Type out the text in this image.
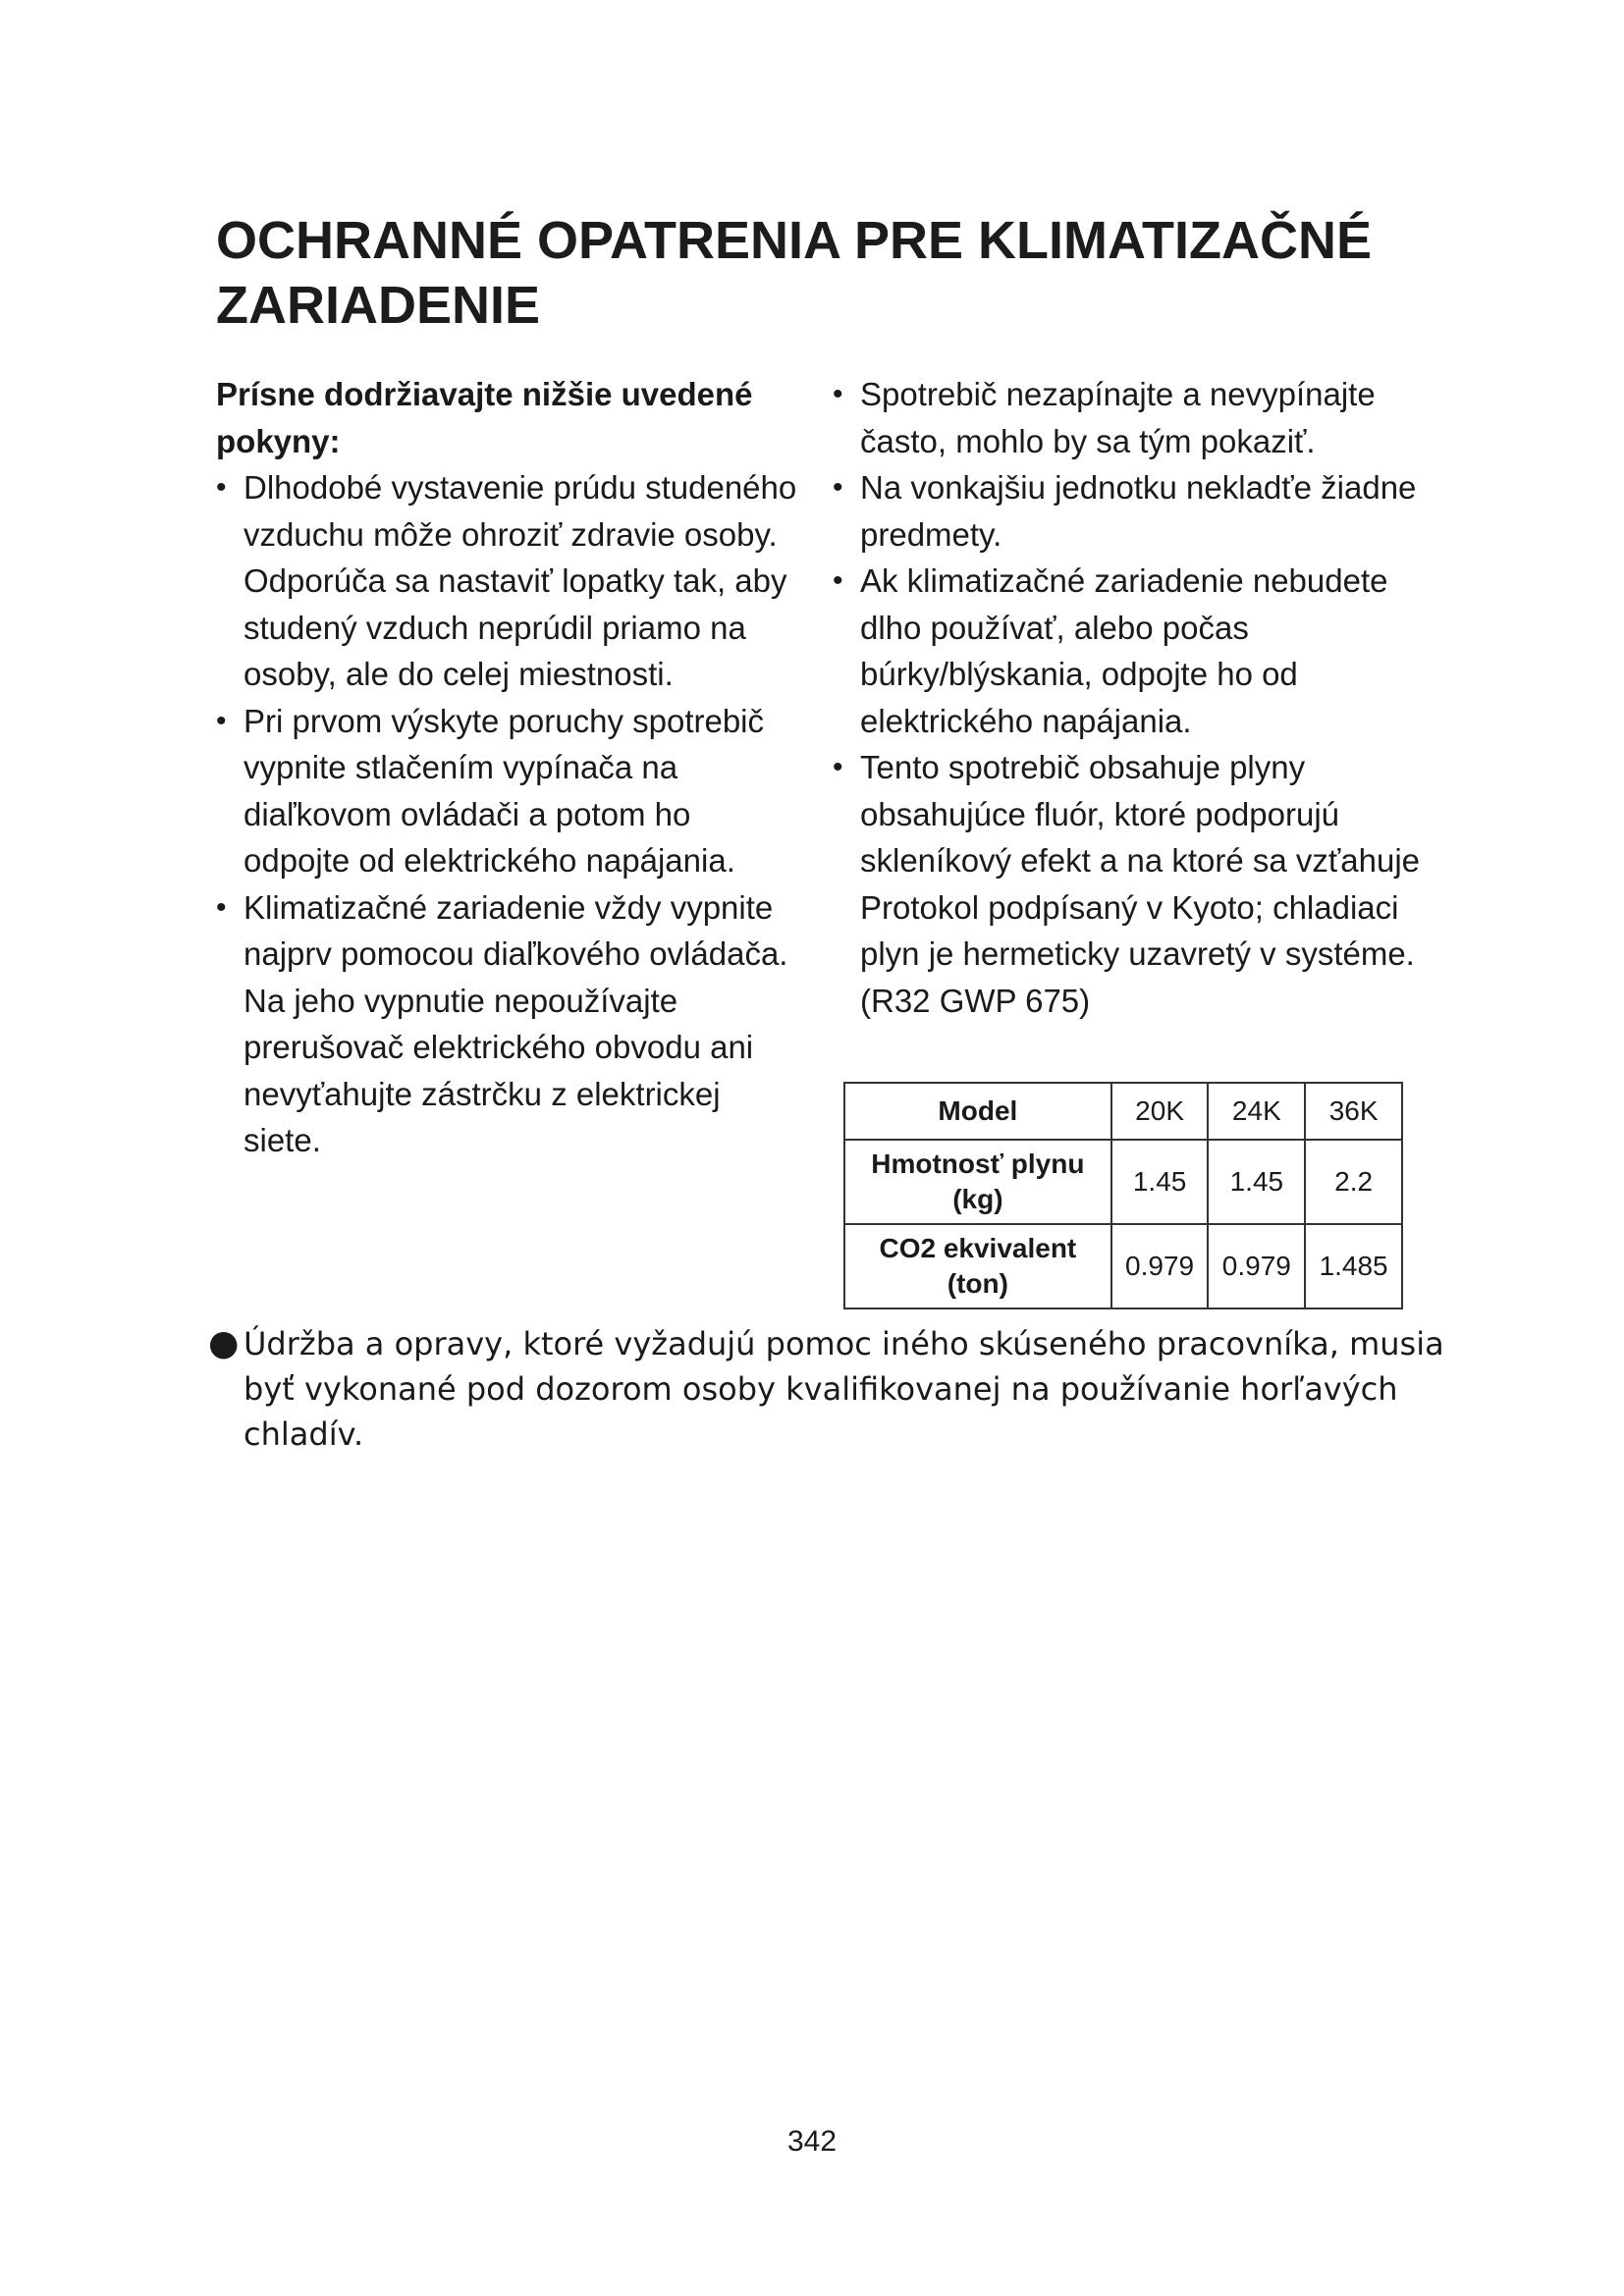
OCHRANNÉ OPATRENIA PRE KLIMATIZAČNÉ ZARIADENIE

Prísne dodržiavajte nižšie uvedené pokyny:

• Dlhodobé vystavenie prúdu studeného vzduchu môže ohroziť zdravie osoby. Odporúča sa nastaviť lopatky tak, aby studený vzduch neprúdil priamo na osoby, ale do celej miestnosti.
• Pri prvom výskyte poruchy spotrebič vypnite stlačením vypínača na diaľkovom ovládači a potom ho odpojte od elektrického napájania.
• Klimatizačné zariadenie vždy vypnite najprv pomocou diaľkového ovládača. Na jeho vypnutie nepoužívajte prerušovač elektrického obvodu ani nevyťahujte zástrčku z elektrickej siete.
• Spotrebič nezapínajte a nevypínajte často, mohlo by sa tým pokaziť.
• Na vonkajšiu jednotku nekladťe žiadne predmety.
• Ak klimatizačné zariadenie nebudete dlho používať, alebo počas búrky/blýskania, odpojte ho od elektrického napájania.
• Tento spotrebič obsahuje plyny obsahujúce fluór, ktoré podporujú skleníkový efekt a na ktoré sa vzťahuje Protokol podpísaný v Kyoto; chladiaci plyn je hermeticky uzavretý v systéme.

(R32 GWP 675)

Model	20K	24K	36K
Hmotnosť plynu (kg)	1.45	1.45	2.2
CO2 ekvivalent (ton)	0.979	0.979	1.485
● Údržba a opravy, ktoré vyžadujú pomoc iného skúseného pracovníka, musia byť vykonané pod dozorom osoby kvalifikovanej na používanie horľavých chladív.
342
